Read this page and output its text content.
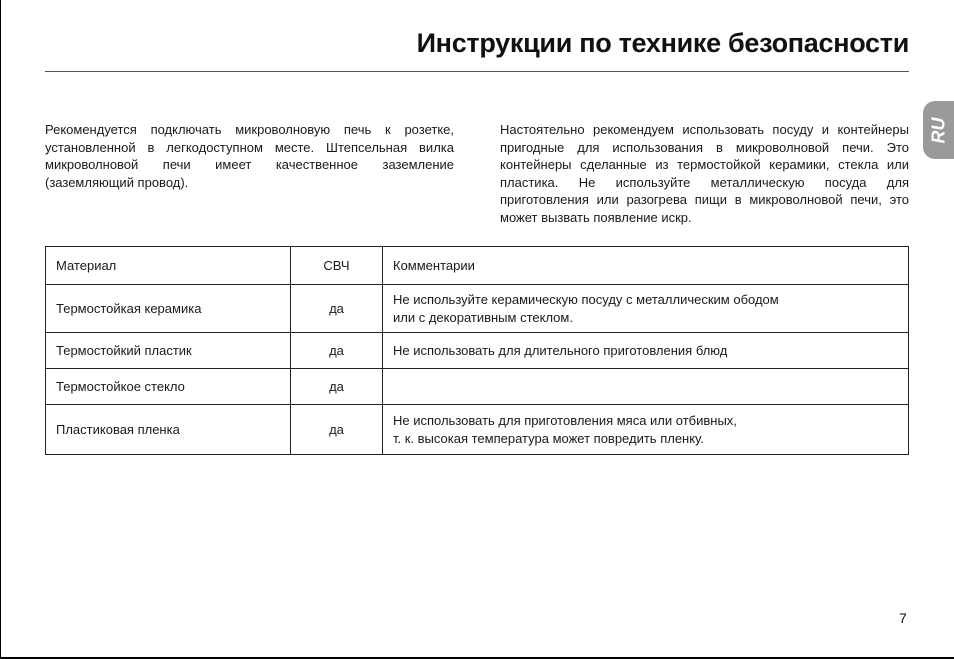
Инструкции по технике безопасности
RU

Рекомендуется подключать микроволновую печь к розетке, установленной в легкодоступном месте. Штепсельная вилка микроволновой печи имеет качественное заземление (заземляющий провод).

Настоятельно рекомендуем использовать посуду и контейнеры пригодные для использования в микроволновой печи. Это контейнеры сделанные из термостойкой керамики, стекла или пластика. Не используйте металлическую посуда для приготовления или разогрева пищи в микроволновой печи, это может вызвать появление искр.

Материал	СВЧ	Комментарии
Термостойкая керамика	да	Не используйте керамическую посуду с металлическим ободом
или с декоративным стеклом.

Термостойкий пластик	да	Не использовать для длительного приготовления блюд

Термостойкое стекло	да	
Пластиковая пленка	да	Не использовать для приготовления мяса или отбивных,
т. к. высокая температура может повредить пленку.
7
